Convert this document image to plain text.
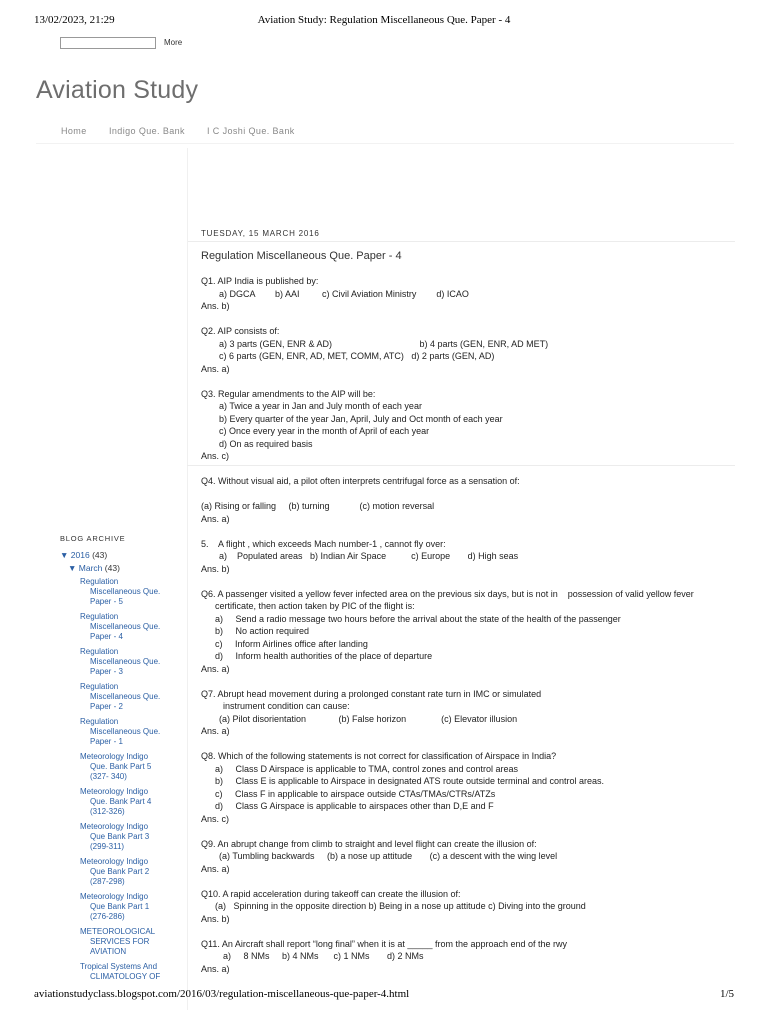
13/02/2023, 21:29	Aviation Study: Regulation Miscellaneous Que. Paper - 4
More
Aviation Study
Home Indigo Que. Bank I C Joshi Que. Bank
TUESDAY, 15 MARCH 2016
Regulation Miscellaneous Que. Paper - 4

Q1. AIP India is published by:

a) DGCA        b) AAI         c) Civil Aviation Ministry        d) ICAO

Ans. b)

Q2. AIP consists of:

a) 3 parts (GEN, ENR & AD)                                   b) 4 parts (GEN, ENR, AD MET)

c) 6 parts (GEN, ENR, AD, MET, COMM, ATC)   d) 2 parts (GEN, AD)

Ans. a)

Q3. Regular amendments to the AIP will be:

a) Twice a year in Jan and July month of each year

b) Every quarter of the year Jan, April, July and Oct month of each year

c) Once every year in the month of April of each year

d) On as required basis

Ans. c)

Q4. Without visual aid, a pilot often interprets centrifugal force as a sensation of:

(a) Rising or falling     (b) turning            (c) motion reversal

Ans. a)

5.    A flight , which exceeds Mach number-1 , cannot fly over:

a)    Populated areas   b) Indian Air Space          c) Europe       d) High seas

Ans. b)

Q6. A passenger visited a yellow fever infected area on the previous six days, but is not in    possession of valid yellow fever

certificate, then action taken by PIC of the flight is:

a)     Send a radio message two hours before the arrival about the state of the health of the passenger

b)     No action required

c)     Inform Airlines office after landing

d)     Inform health authorities of the place of departure

Ans. a)

Q7. Abrupt head movement during a prolonged constant rate turn in IMC or simulated

instrument condition can cause:

(a) Pilot disorientation             (b) False horizon              (c) Elevator illusion

Ans. a)

Q8. Which of the following statements is not correct for classification of Airspace in India?

a)     Class D Airspace is applicable to TMA, control zones and control areas

b)     Class E is applicable to Airspace in designated ATS route outside terminal and control areas.

c)     Class F in applicable to airspace outside CTAs/TMAs/CTRs/ATZs

d)     Class G Airspace is applicable to airspaces other than D,E and F

Ans. c)

Q9. An abrupt change from climb to straight and level flight can create the illusion of:

(a) Tumbling backwards     (b) a nose up attitude       (c) a descent with the wing level

Ans. a)

Q10. A rapid acceleration during takeoff can create the illusion of:

(a)   Spinning in the opposite direction b) Being in a nose up attitude c) Diving into the ground

Ans. b)

Q11. An Aircraft shall report “long final” when it is at _____ from the approach end of the rwy

a)     8 NMs     b) 4 NMs      c) 1 NMs       d) 2 NMs

Ans. a)

BLOG ARCHIVE
▼ 2016 (43)
▼ March (43)
Regulation
Miscellaneous Que.
Paper - 5
Regulation
Miscellaneous Que.
Paper - 4
Regulation
Miscellaneous Que.
Paper - 3
Regulation
Miscellaneous Que.
Paper - 2
Regulation
Miscellaneous Que.
Paper - 1
Meteorology Indigo
Que. Bank Part 5
(327- 340)
Meteorology Indigo
Que. Bank Part 4
(312-326)
Meteorology Indigo
Que Bank Part 3
(299-311)
Meteorology Indigo
Que Bank Part 2
(287-298)
Meteorology Indigo
Que Bank Part 1
(276-286)
METEOROLOGICAL
SERVICES FOR
AVIATION
Tropical Systems And
CLIMATOLOGY OF
aviationstudyclass.blogspot.com/2016/03/regulation-miscellaneous-que-paper-4.html	1/5
